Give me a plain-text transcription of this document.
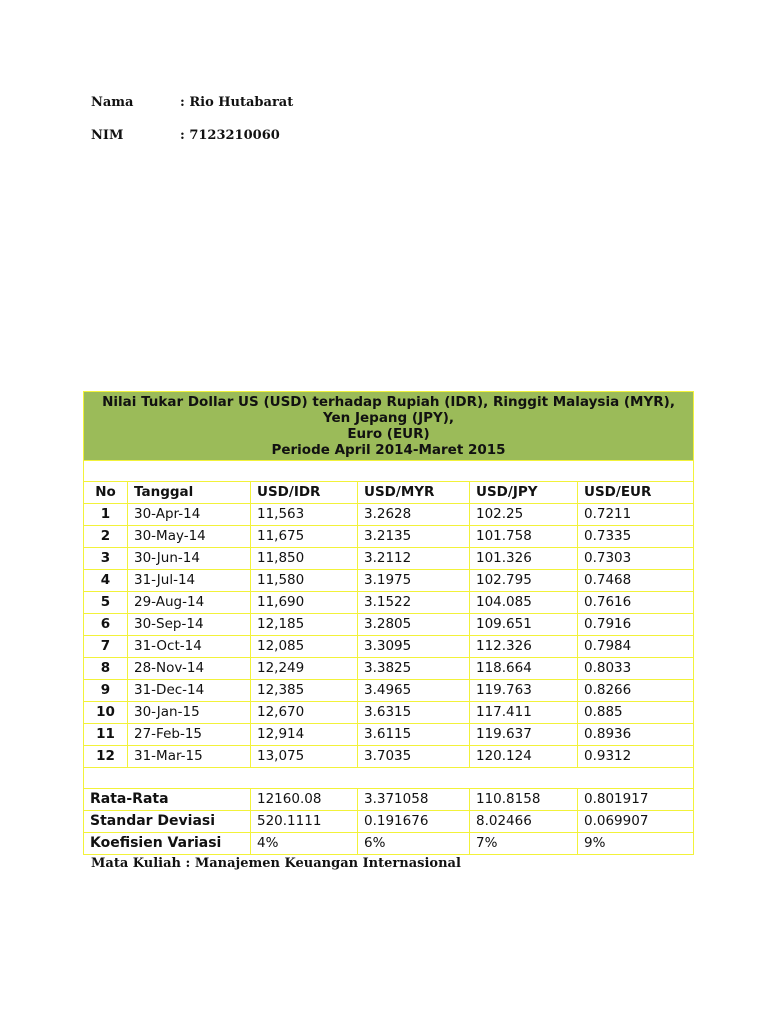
Nama	: Rio Hutabarat
NIM	: 7123210060
Nilai Tukar Dollar US (USD) terhadap Rupiah (IDR), Ringgit Malaysia (MYR),
Yen Jepang (JPY),
Euro (EUR)
Periode April 2014-Maret 2015					

No	Tanggal	USD/IDR	USD/MYR	USD/JPY	USD/EUR
1	30-Apr-14	11,563	3.2628	102.25	0.7211
2	30-May-14	11,675	3.2135	101.758	0.7335
3	30-Jun-14	11,850	3.2112	101.326	0.7303
4	31-Jul-14	11,580	3.1975	102.795	0.7468
5	29-Aug-14	11,690	3.1522	104.085	0.7616
6	30-Sep-14	12,185	3.2805	109.651	0.7916
7	31-Oct-14	12,085	3.3095	112.326	0.7984
8	28-Nov-14	12,249	3.3825	118.664	0.8033
9	31-Dec-14	12,385	3.4965	119.763	0.8266
10	30-Jan-15	12,670	3.6315	117.411	0.885
11	27-Feb-15	12,914	3.6115	119.637	0.8936
12	31-Mar-15	13,075	3.7035	120.124	0.9312

Rata-Rata		12160.08	3.371058	110.8158	0.801917
Standar Deviasi		520.1111	0.191676	8.02466	0.069907
Koefisien Variasi		4%	6%	7%	9%
Mata Kuliah : Manajemen Keuangan Internasional
